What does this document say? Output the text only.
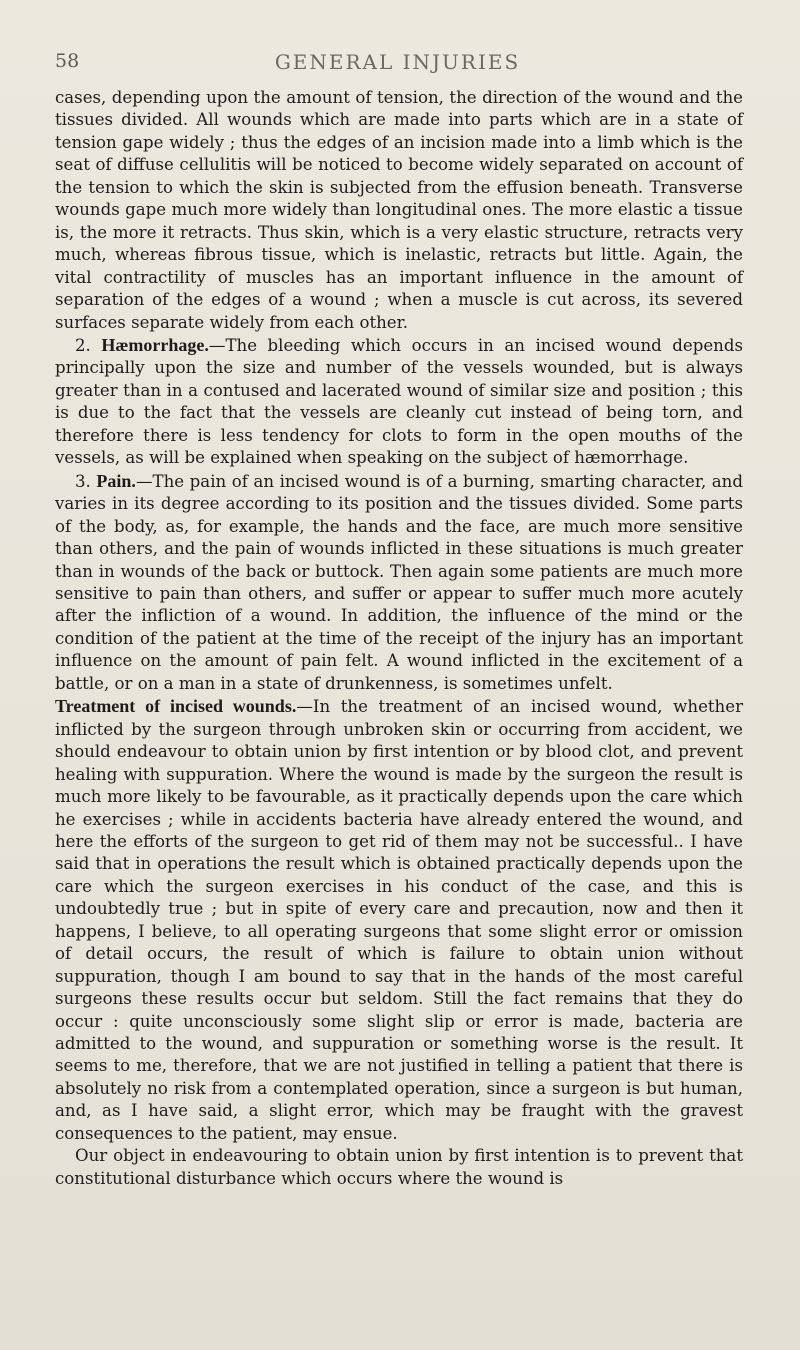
58	GENERAL INJURIES

cases, depending upon the amount of tension, the direction of the wound and the tissues divided. All wounds which are made into parts which are in a state of tension gape widely ; thus the edges of an incision made into a limb which is the seat of diffuse cellulitis will be noticed to become widely separated on account of the tension to which the skin is subjected from the effusion beneath. Transverse wounds gape much more widely than longitudinal ones. The more elastic a tissue is, the more it retracts. Thus skin, which is a very elastic structure, retracts very much, whereas fibrous tissue, which is inelastic, retracts but little. Again, the vital contractility of muscles has an important influence in the amount of separation of the edges of a wound ; when a muscle is cut across, its severed surfaces separate widely from each other.

2. Hæmorrhage.—The bleeding which occurs in an incised wound depends principally upon the size and number of the vessels wounded, but is always greater than in a contused and lacerated wound of similar size and position ; this is due to the fact that the vessels are cleanly cut instead of being torn, and therefore there is less tendency for clots to form in the open mouths of the vessels, as will be explained when speaking on the subject of hæmorrhage.

3. Pain.—The pain of an incised wound is of a burning, smarting character, and varies in its degree according to its position and the tissues divided. Some parts of the body, as, for example, the hands and the face, are much more sensitive than others, and the pain of wounds inflicted in these situations is much greater than in wounds of the back or buttock. Then again some patients are much more sensitive to pain than others, and suffer or appear to suffer much more acutely after the infliction of a wound. In addition, the influence of the mind or the condition of the patient at the time of the receipt of the injury has an important influence on the amount of pain felt. A wound inflicted in the excitement of a battle, or on a man in a state of drunkenness, is sometimes unfelt.

Treatment of incised wounds.—In the treatment of an incised wound, whether inflicted by the surgeon through unbroken skin or occurring from accident, we should endeavour to obtain union by first intention or by blood clot, and prevent healing with suppuration. Where the wound is made by the surgeon the result is much more likely to be favourable, as it practically depends upon the care which he exercises ; while in accidents bacteria have already entered the wound, and here the efforts of the surgeon to get rid of them may not be successful.. I have said that in operations the result which is obtained practically depends upon the care which the surgeon exercises in his conduct of the case, and this is undoubtedly true ; but in spite of every care and precaution, now and then it happens, I believe, to all operating surgeons that some slight error or omission of detail occurs, the result of which is failure to obtain union without suppuration, though I am bound to say that in the hands of the most careful surgeons these results occur but seldom. Still the fact remains that they do occur : quite unconsciously some slight slip or error is made, bacteria are admitted to the wound, and suppuration or something worse is the result. It seems to me, therefore, that we are not justified in telling a patient that there is absolutely no risk from a contemplated operation, since a surgeon is but human, and, as I have said, a slight error, which may be fraught with the gravest consequences to the patient, may ensue.

Our object in endeavouring to obtain union by first intention is to prevent that constitutional disturbance which occurs where the wound is
